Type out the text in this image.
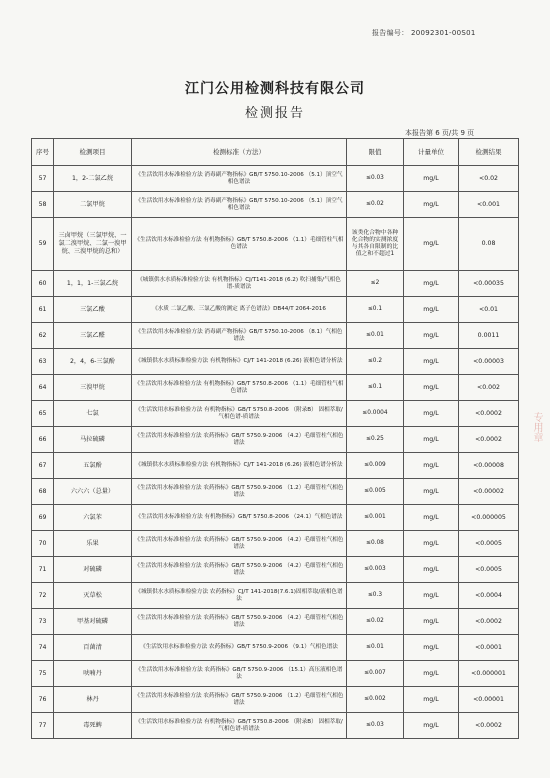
报告编号： 20092301-00S01
江门公用检测科技有限公司
检测报告
本报告第 6 页/共 9 页
序号	检测项目	检测标准（方法）	限值	计量单位	检测结果
57	1，2-二氯乙烷	《生活饮用水标准检验方法 消毒副产物指标》GB/T 5750.10-2006 （5.1）顶空气相色谱法	≤0.03	mg/L	<0.02
58	二氯甲烷	《生活饮用水标准检验方法 消毒副产物指标》GB/T 5750.10-2006 （5.1）顶空气相色谱法	≤0.02	mg/L	<0.001
59	三卤甲烷（三氯甲烷、一氯二溴甲烷、二氯一溴甲烷、三溴甲烷的总和）	《生活饮用水标准检验方法 有机物指标》GB/T 5750.8-2006 （1.1）毛细管柱气相色谱法	该类化合物中各种化合物的实测浓度与其各自限制的比值之和不超过1	mg/L	0.08
60	1，1，1-三氯乙烷	《城镇供水水质标准检验方法 有机物指标》CJ/T141-2018 (6.2) 吹扫捕集/气相色谱-质谱法	≤2	mg/L	<0.00035
61	三氯乙酸	《水质 二氯乙酸、三氯乙酸的测定 离子色谱法》DB44/T 2064-2016	≤0.1	mg/L	<0.01
62	三氯乙醛	《生活饮用水标准检验方法 消毒副产物指标》GB/T 5750.10-2006 （8.1）气相色谱法	≤0.01	mg/L	0.0011
63	2，4，6-三氯酚	《城镇供水水质标准检验方法 有机物指标》CJ/T 141-2018 (6.26) 液相色谱分析法	≤0.2	mg/L	<0.00003
64	三溴甲烷	《生活饮用水标准检验方法 有机物指标》GB/T 5750.8-2006 （1.1）毛细管柱气相色谱法	≤0.1	mg/L	<0.002
65	七氯	《生活饮用水标准检验方法 有机物指标》GB/T 5750.8-2006 （附录B） 固相萃取/气相色谱-质谱法	≤0.0004	mg/L	<0.0002
66	马拉硫磷	《生活饮用水标准检验方法 农药指标》GB/T 5750.9-2006 （4.2）毛细管柱气相色谱法	≤0.25	mg/L	<0.0002
67	五氯酚	《城镇供水水质标准检验方法 有机物指标》CJ/T 141-2018 (6.26) 液相色谱分析法	≤0.009	mg/L	<0.00008
68	六六六（总量）	《生活饮用水标准检验方法 农药指标》GB/T 5750.9-2006 （1.2）毛细管柱气相色谱法	≤0.005	mg/L	<0.00002
69	六氯苯	《生活饮用水标准检验方法 有机物指标》GB/T 5750.8-2006 （24.1）气相色谱法	≤0.001	mg/L	<0.000005
70	乐果	《生活饮用水标准检验方法 农药指标》GB/T 5750.9-2006 （4.2）毛细管柱气相色谱法	≤0.08	mg/L	<0.0005
71	对硫磷	《生活饮用水标准检验方法 农药指标》GB/T 5750.9-2006 （4.2）毛细管柱气相色谱法	≤0.003	mg/L	<0.0005
72	灭草松	《城镇供水水质标准检验方法 农药指标》CJ/T 141-2018(7.6.1)固相萃取/液相色谱法	≤0.3	mg/L	<0.0004
73	甲基对硫磷	《生活饮用水标准检验方法 农药指标》GB/T 5750.9-2006 （4.2）毛细管柱气相色谱法	≤0.02	mg/L	<0.0002
74	百菌清	《生活饮用水标准检验方法 农药指标》GB/T 5750.9-2006 （9.1）气相色谱法	≤0.01	mg/L	<0.0001
75	呋喃丹	《生活饮用水标准检验方法 农药指标》GB/T 5750.9-2006 （15.1）高压液相色谱法	≤0.007	mg/L	<0.000001
76	林丹	《生活饮用水标准检验方法 农药指标》GB/T 5750.9-2006 （1.2）毛细管柱气相色谱法	≤0.002	mg/L	<0.00001
77	毒死蜱	《生活饮用水标准检验方法 有机物指标》GB/T 5750.8-2006 （附录B） 固相萃取/气相色谱-质谱法	≤0.03	mg/L	<0.0002
专用章
